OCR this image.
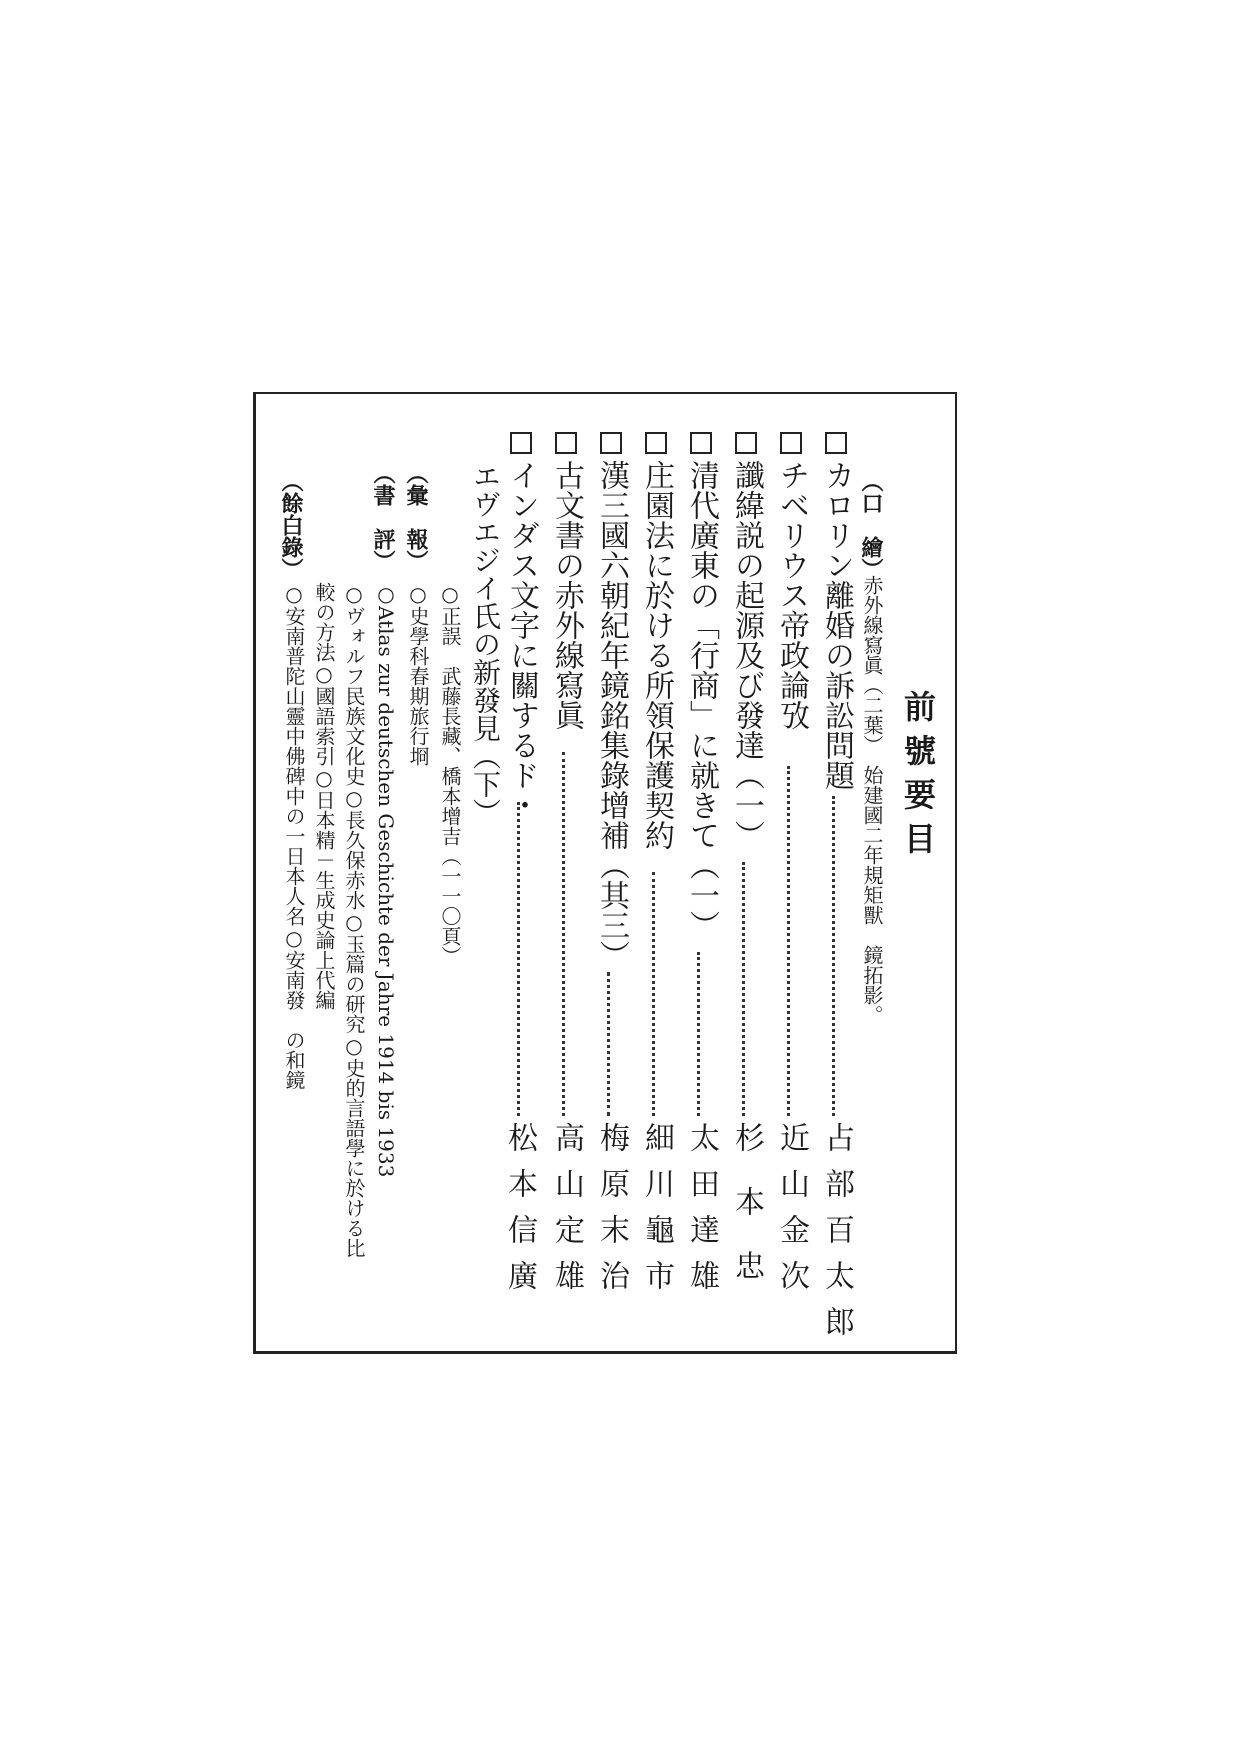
前號要目
（口　繪）
赤外線寫眞（二葉）　始建國二年規矩獸　鏡拓影。
カロリン離婚の訴訟問題
占部百太郎
チベリウス帝政論攷
近山金次
讖緯説の起源及び發達（一）
杉本忠
清代廣東の「行商」に就きて（一）
太田達雄
庄園法に於ける所領保護契約
細川龜市
漢三國六朝紀年鏡銘集錄增補（其三）
梅原末治
古文書の赤外線寫眞
高山定雄
インダス文字に關するド・
松本信廣
エヴエジイ氏の新發見（下）
○正誤　武藤長藏、橋本增吉（一一〇頁）
（彙　報）
○史學科春期旅行埛
（書　評）
○Atlas zur deutschen Geschichte der Jahre 1914 bis 1933
○ヴォルフ民族文化史○長久保赤水○玉篇の研究○史的言語學に於ける比
較の方法○國語索引○日本精－生成史論上代編
（餘白錄）
○安南普陀山靈中佛碑中の一日本人名○安南發　の和鏡
